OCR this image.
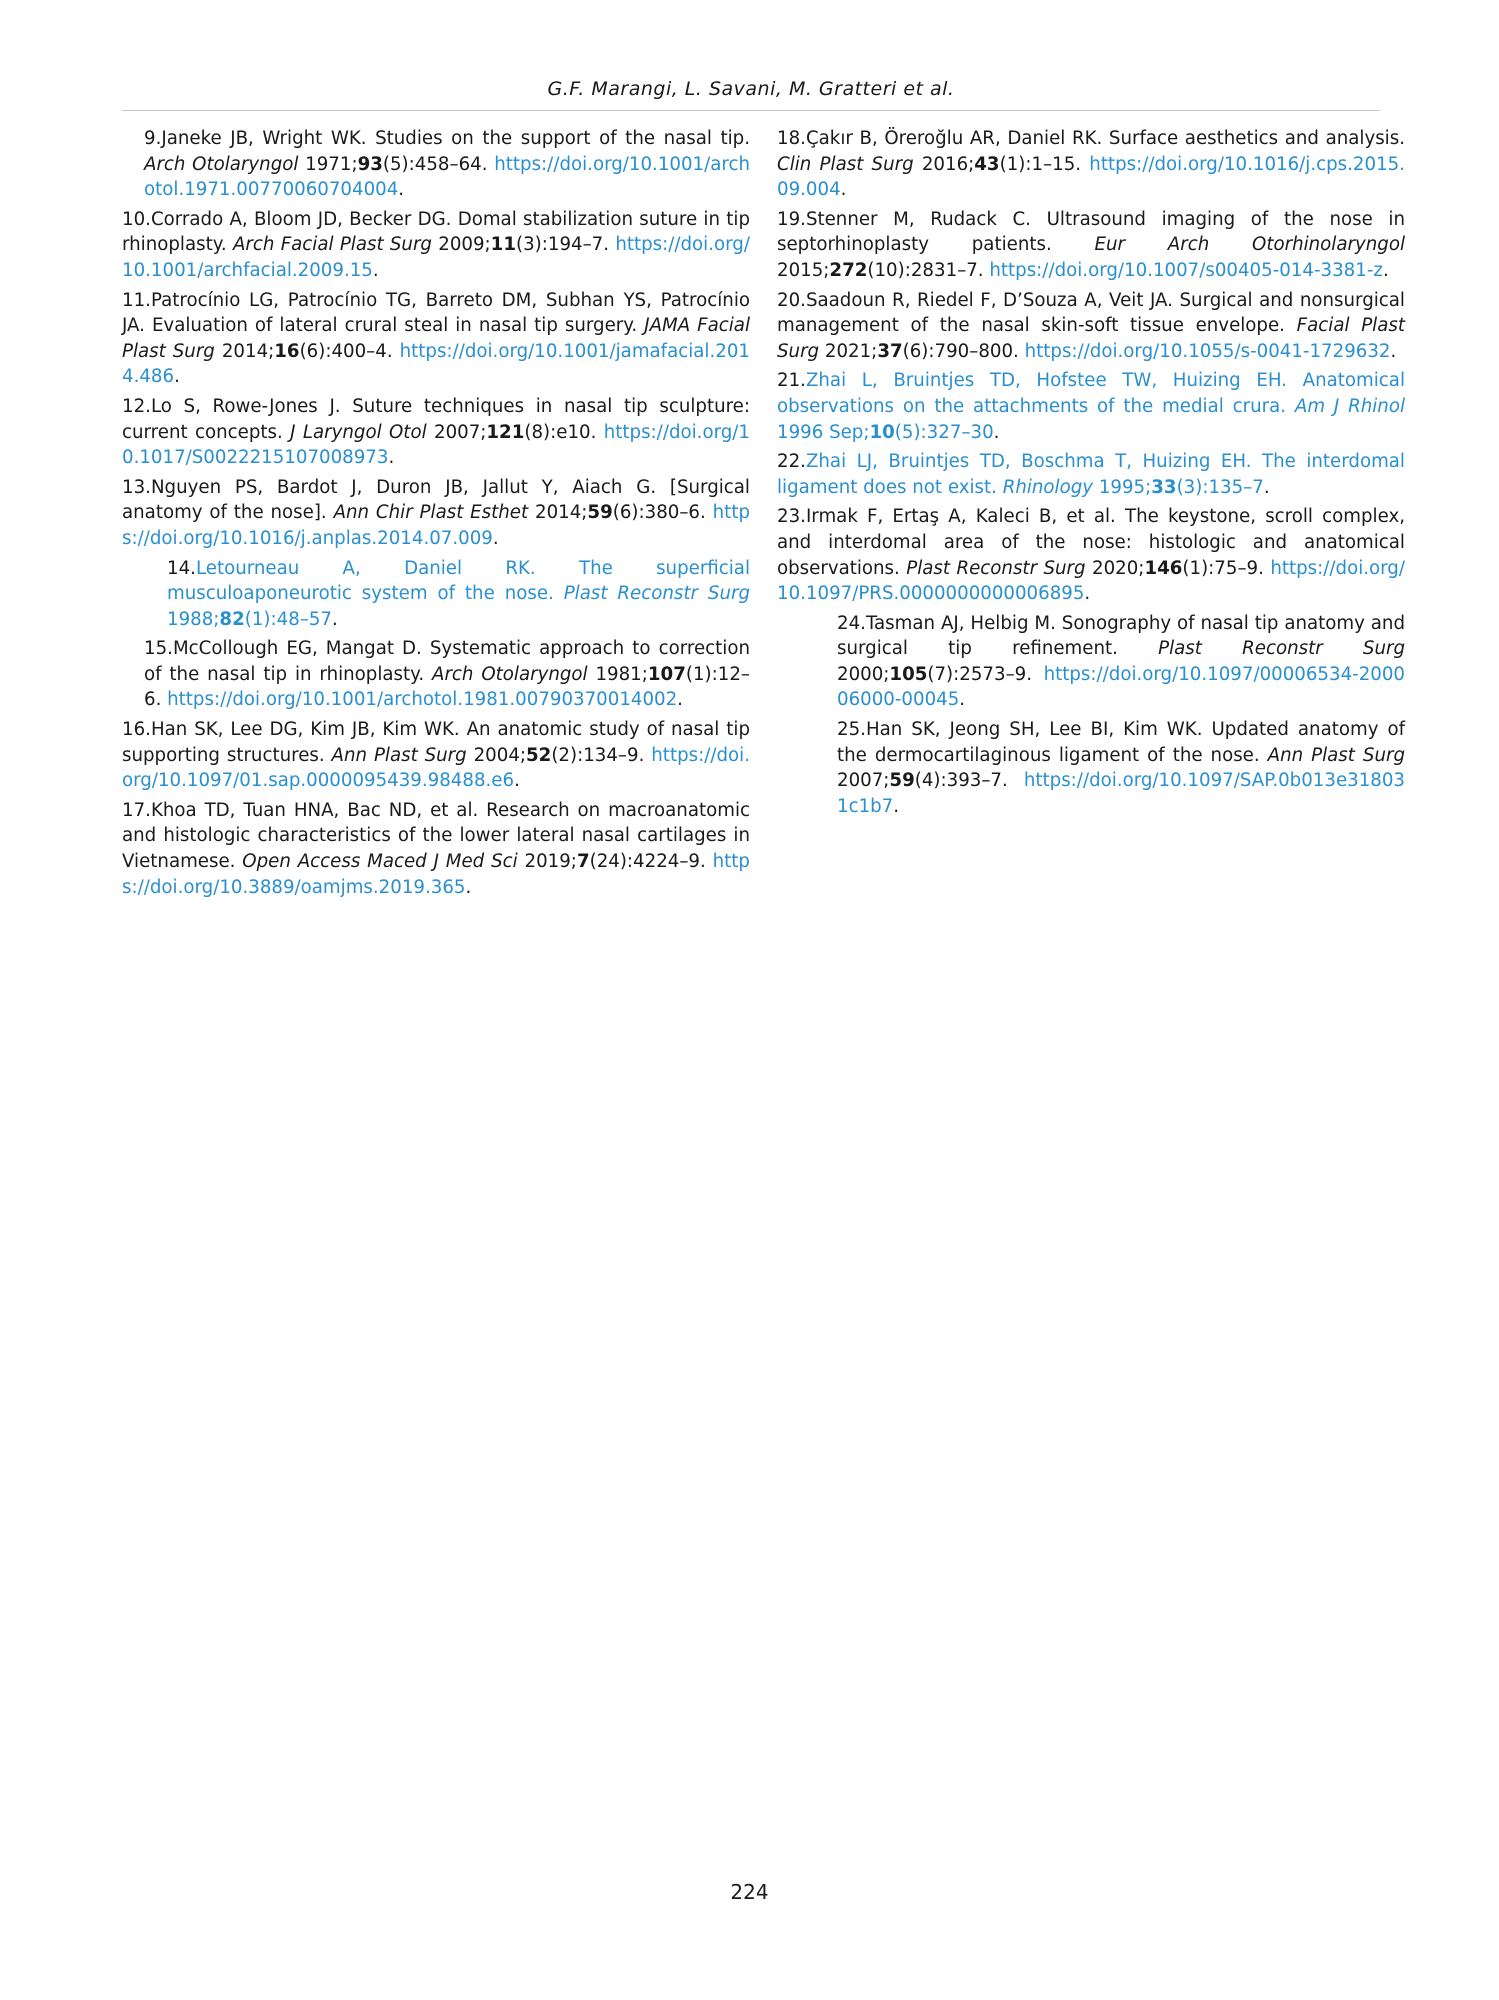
G.F. Marangi, L. Savani, M. Gratteri et al.

9.Janeke JB, Wright WK. Studies on the support of the nasal tip. Arch Otolaryngol 1971;93(5):458–64. https://doi.org/10.1001/archotol.1971.00770060704004.

10.Corrado A, Bloom JD, Becker DG. Domal stabilization suture in tip rhinoplasty. Arch Facial Plast Surg 2009;11(3):194–7. https://doi.org/10.1001/archfacial.2009.15.

11.Patrocínio LG, Patrocínio TG, Barreto DM, Subhan YS, Patrocínio JA. Evaluation of lateral crural steal in nasal tip surgery. JAMA Facial Plast Surg 2014;16(6):400–4. https://doi.org/10.1001/jamafacial.2014.486.

12.Lo S, Rowe-Jones J. Suture techniques in nasal tip sculpture: current concepts. J Laryngol Otol 2007;121(8):e10. https://doi.org/10.1017/S0022215107008973.

13.Nguyen PS, Bardot J, Duron JB, Jallut Y, Aiach G. [Surgical anatomy of the nose]. Ann Chir Plast Esthet 2014;59(6):380–6. https://doi.org/10.1016/j.anplas.2014.07.009.

14.Letourneau A, Daniel RK. The superficial musculoaponeurotic system of the nose. Plast Reconstr Surg 1988;82(1):48–57.

15.McCollough EG, Mangat D. Systematic approach to correction of the nasal tip in rhinoplasty. Arch Otolaryngol 1981;107(1):12–6. https://doi.org/10.1001/archotol.1981.00790370014002.

16.Han SK, Lee DG, Kim JB, Kim WK. An anatomic study of nasal tip supporting structures. Ann Plast Surg 2004;52(2):134–9. https://doi.org/10.1097/01.sap.0000095439.98488.e6.

17.Khoa TD, Tuan HNA, Bac ND, et al. Research on macroanatomic and histologic characteristics of the lower lateral nasal cartilages in Vietnamese. Open Access Maced J Med Sci 2019;7(24):4224–9. https://doi.org/10.3889/oamjms.2019.365.

18.Çakır B, Öreroğlu AR, Daniel RK. Surface aesthetics and analysis. Clin Plast Surg 2016;43(1):1–15. https://doi.org/10.1016/j.cps.2015.09.004.

19.Stenner M, Rudack C. Ultrasound imaging of the nose in septorhinoplasty patients. Eur Arch Otorhinolaryngol 2015;272(10):2831–7. https://doi.org/10.1007/s00405-014-3381-z.

20.Saadoun R, Riedel F, D’Souza A, Veit JA. Surgical and nonsurgical management of the nasal skin-soft tissue envelope. Facial Plast Surg 2021;37(6):790–800. https://doi.org/10.1055/s-0041-1729632.

21.Zhai L, Bruintjes TD, Hofstee TW, Huizing EH. Anatomical observations on the attachments of the medial crura. Am J Rhinol 1996 Sep;10(5):327–30.

22.Zhai LJ, Bruintjes TD, Boschma T, Huizing EH. The interdomal ligament does not exist. Rhinology 1995;33(3):135–7.

23.Irmak F, Ertaş A, Kaleci B, et al. The keystone, scroll complex, and interdomal area of the nose: histologic and anatomical observations. Plast Reconstr Surg 2020;146(1):75–9. https://doi.org/10.1097/PRS.0000000000006895.

24.Tasman AJ, Helbig M. Sonography of nasal tip anatomy and surgical tip refinement. Plast Reconstr Surg 2000;105(7):2573–9. https://doi.org/10.1097/00006534-200006000-00045.

25.Han SK, Jeong SH, Lee BI, Kim WK. Updated anatomy of the dermocartilaginous ligament of the nose. Ann Plast Surg 2007;59(4):393–7. https://doi.org/10.1097/SAP.0b013e318031c1b7.

224
